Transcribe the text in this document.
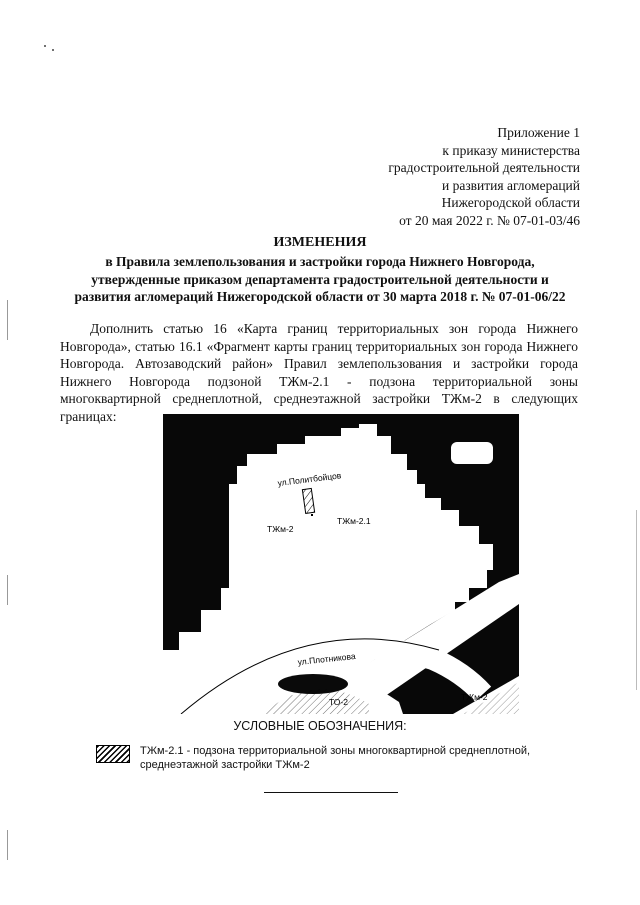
Приложение 1
к приказу министерства
градостроительной деятельности
и развития агломераций
Нижегородской области
от 20 мая 2022 г. № 07-01-03/46
ИЗМЕНЕНИЯ
в Правила землепользования и застройки города Нижнего Новгорода,
утвержденные приказом департамента градостроительной деятельности и
развития агломераций Нижегородской области от 30 марта 2018 г. № 07-01-06/22
Дополнить статью 16 «Карта границ территориальных зон города Нижнего Новгорода», статью 16.1 «Фрагмент карты границ территориальных зон города Нижнего Новгорода. Автозаводский район» Правил землепользования и застройки города Нижнего Новгорода подзоной ТЖм-2.1 - подзона территориальной зоны многоквартирной среднеплотной, среднеэтажной застройки ТЖм-2 в следующих границах:
ул.Политбойцов
ТЖм-2
ТЖм-2.1
ул.Плотникова
ТО-2	ТЖм-2
УСЛОВНЫЕ ОБОЗНАЧЕНИЯ:
ТЖм-2.1 - подзона территориальной зоны многоквартирной среднеплотной, среднеэтажной застройки ТЖм-2
